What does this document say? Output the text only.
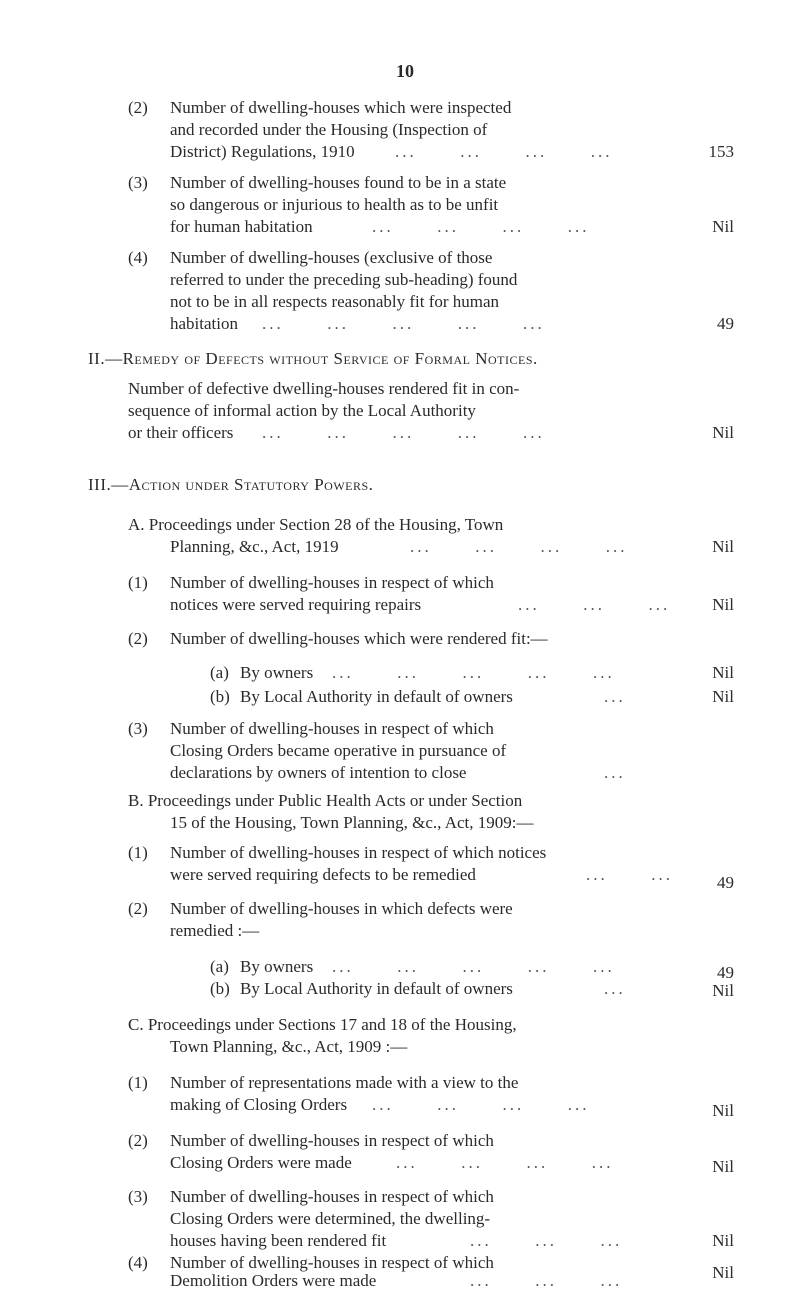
10
(2) Number of dwelling-houses which were inspected
and recorded under the Housing (Inspection of
District) Regulations, 1910 ...      ...      ...      ...	153
(3) Number of dwelling-houses found to be in a state
so dangerous or injurious to health as to be unfit
for human habitation	...      ...      ...      ...	Nil
(4) Number of dwelling-houses (exclusive of those
referred to under the preceding sub-heading) found
not to be in all respects reasonably fit for human
habitation ...      ...      ...      ...      ...	49
II.—Remedy of Defects without Service of Formal Notices.
Number of defective dwelling-houses rendered fit in con-
sequence of informal action by the Local Authority
or their officers ...      ...      ...      ...      ...	Nil
III.—Action under Statutory Powers.
A. Proceedings under Section 28 of the Housing, Town
Planning, &c., Act, 1919	...      ...      ...      ...	Nil
(1) Number of dwelling-houses in respect of which
notices were served requiring repairs	...      ...      ...	Nil
(2) Number of dwelling-houses which were rendered fit:—
(a) By owners ...      ...      ...      ...      ...	Nil
(b) By Local Authority in default of owners	...	Nil
(3) Number of dwelling-houses in respect of which
Closing Orders became operative in pursuance of
declarations by owners of intention to close	...
B. Proceedings under Public Health Acts or under Section
15 of the Housing, Town Planning, &c., Act, 1909:—
(1) Number of dwelling-houses in respect of which notices
were served requiring defects to be remedied	...      ...	49
(2) Number of dwelling-houses in which defects were
remedied :—
(a) By owners ...      ...      ...      ...      ...	49
(b) By Local Authority in default of owners	...	Nil
C. Proceedings under Sections 17 and 18 of the Housing,
Town Planning, &c., Act, 1909 :—
(1) Number of representations made with a view to the
making of Closing Orders ...      ...      ...      ...	Nil
(2) Number of dwelling-houses in respect of which
Closing Orders were made	...      ...      ...      ...	Nil
(3) Number of dwelling-houses in respect of which
Closing Orders were determined, the dwelling-
houses having been rendered fit	...      ...      ...	Nil
(4) Number of dwelling-houses in respect of which
Demolition Orders were made	...      ...      ...	Nil
